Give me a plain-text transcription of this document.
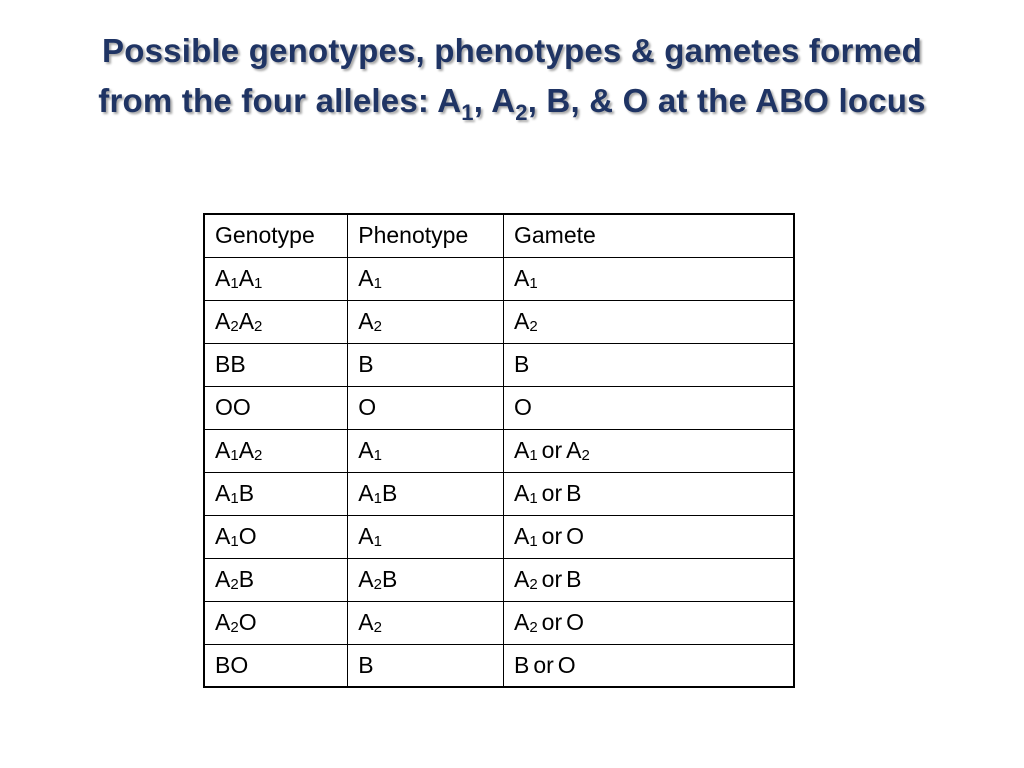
Possible genotypes, phenotypes & gametes formed
from the four alleles: $A_1$, $A_2$, B, & O at the ABO locus
Genotype	Phenotype	Gamete
$A_1A_1$	$A_1$	$A_1$
$A_2A_2$	$A_2$	$A_2$
BB	B	B
OO	O	O
$A_1A_2$	$A_1$	$A_1$ or $A_2$
$A_1B$	$A_1B$	$A_1$ or B
$A_1O$	$A_1$	$A_1$ or O
$A_2B$	$A_2B$	$A_2$ or B
$A_2O$	$A_2$	$A_2$ or O
BO	B	B or O
